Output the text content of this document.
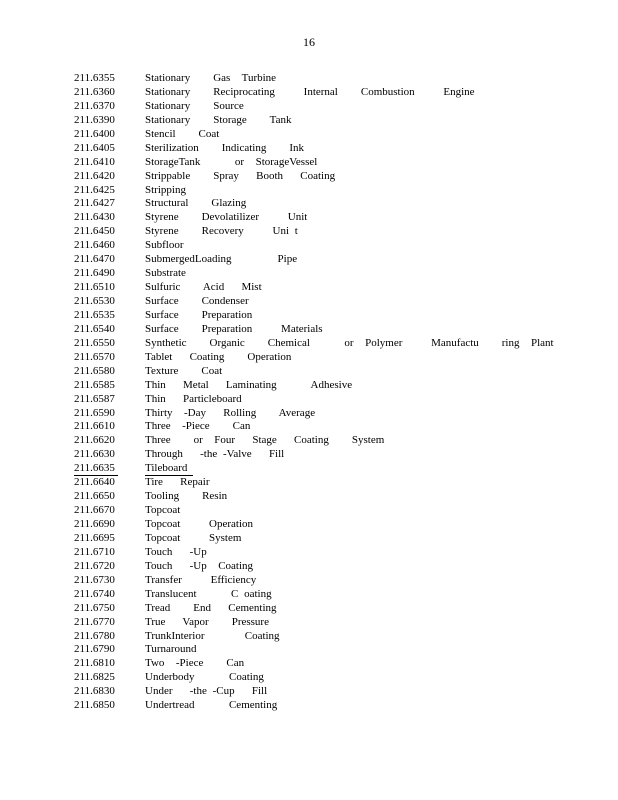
16
211.6355	Stationary    Gas  Turbine
211.6360	Stationary    Reciprocating     Internal    Combustion     Engine
211.6370	Stationary    Source
211.6390	Stationary    Storage    Tank
211.6400	Stencil    Coat
211.6405	Sterilization    Indicating    Ink
211.6410	StorageTank      or  StorageVessel
211.6420	Strippable    Spray   Booth   Coating
211.6425	Stripping
211.6427	Structural    Glazing
211.6430	Styrene    Devolatilizer     Unit
211.6450	Styrene    Recovery     Uni t
211.6460	Subfloor
211.6470	SubmergedLoading        Pipe
211.6490	Substrate
211.6510	Sulfuric    Acid   Mist
211.6530	Surface    Condenser
211.6535	Surface    Preparation
211.6540	Surface    Preparation     Materials
211.6550	Synthetic    Organic    Chemical      or  Polymer     Manufactu    ring  Plant
211.6570	Tablet   Coating    Operation
211.6580	Texture    Coat
211.6585	Thin   Metal   Laminating      Adhesive
211.6587	Thin   Particleboard
211.6590	Thirty  -Day   Rolling    Average
211.6610	Three  -Piece    Can
211.6620	Three    or  Four   Stage   Coating    System
211.6630	Through   -the -Valve   Fill
211.6635	Tileboard
211.6640	Tire   Repair
211.6650	Tooling    Resin
211.6670	Topcoat
211.6690	Topcoat     Operation
211.6695	Topcoat     System
211.6710	Touch   -Up
211.6720	Touch   -Up  Coating
211.6730	Transfer     Efficiency
211.6740	Translucent      C oating
211.6750	Tread    End   Cementing
211.6770	True   Vapor    Pressure
211.6780	TrunkInterior       Coating
211.6790	Turnaround
211.6810	Two  -Piece    Can
211.6825	Underbody      Coating
211.6830	Under   -the -Cup   Fill
211.6850	Undertread      Cementing
